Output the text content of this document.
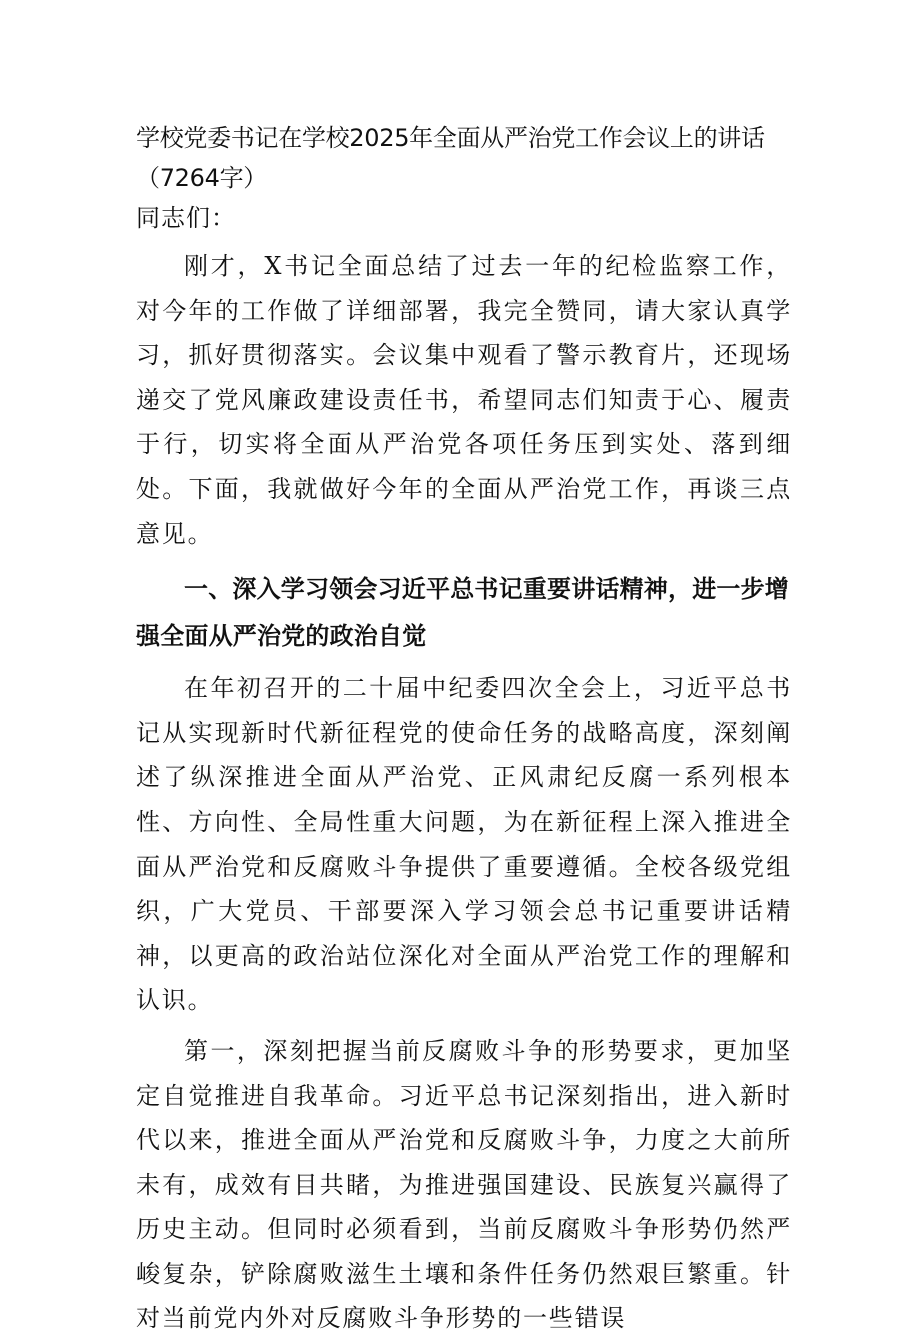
学校党委书记在学校2025年全面从严治党工作会议上的讲话（7264字）

同志们：

刚才，X书记全面总结了过去一年的纪检监察工作，对今年的工作做了详细部署，我完全赞同，请大家认真学习，抓好贯彻落实。会议集中观看了警示教育片，还现场递交了党风廉政建设责任书，希望同志们知责于心、履责于行，切实将全面从严治党各项任务压到实处、落到细处。下面，我就做好今年的全面从严治党工作，再谈三点意见。

一、深入学习领会习近平总书记重要讲话精神，进一步增强全面从严治党的政治自觉

在年初召开的二十届中纪委四次全会上，习近平总书记从实现新时代新征程党的使命任务的战略高度，深刻阐述了纵深推进全面从严治党、正风肃纪反腐一系列根本性、方向性、全局性重大问题，为在新征程上深入推进全面从严治党和反腐败斗争提供了重要遵循。全校各级党组织，广大党员、干部要深入学习领会总书记重要讲话精神，以更高的政治站位深化对全面从严治党工作的理解和认识。

第一，深刻把握当前反腐败斗争的形势要求，更加坚定自觉推进自我革命。习近平总书记深刻指出，进入新时代以来，推进全面从严治党和反腐败斗争，力度之大前所未有，成效有目共睹，为推进强国建设、民族复兴赢得了历史主动。但同时必须看到，当前反腐败斗争形势仍然严峻复杂，铲除腐败滋生土壤和条件任务仍然艰巨繁重。针对当前党内外对反腐败斗争形势的一些错误
